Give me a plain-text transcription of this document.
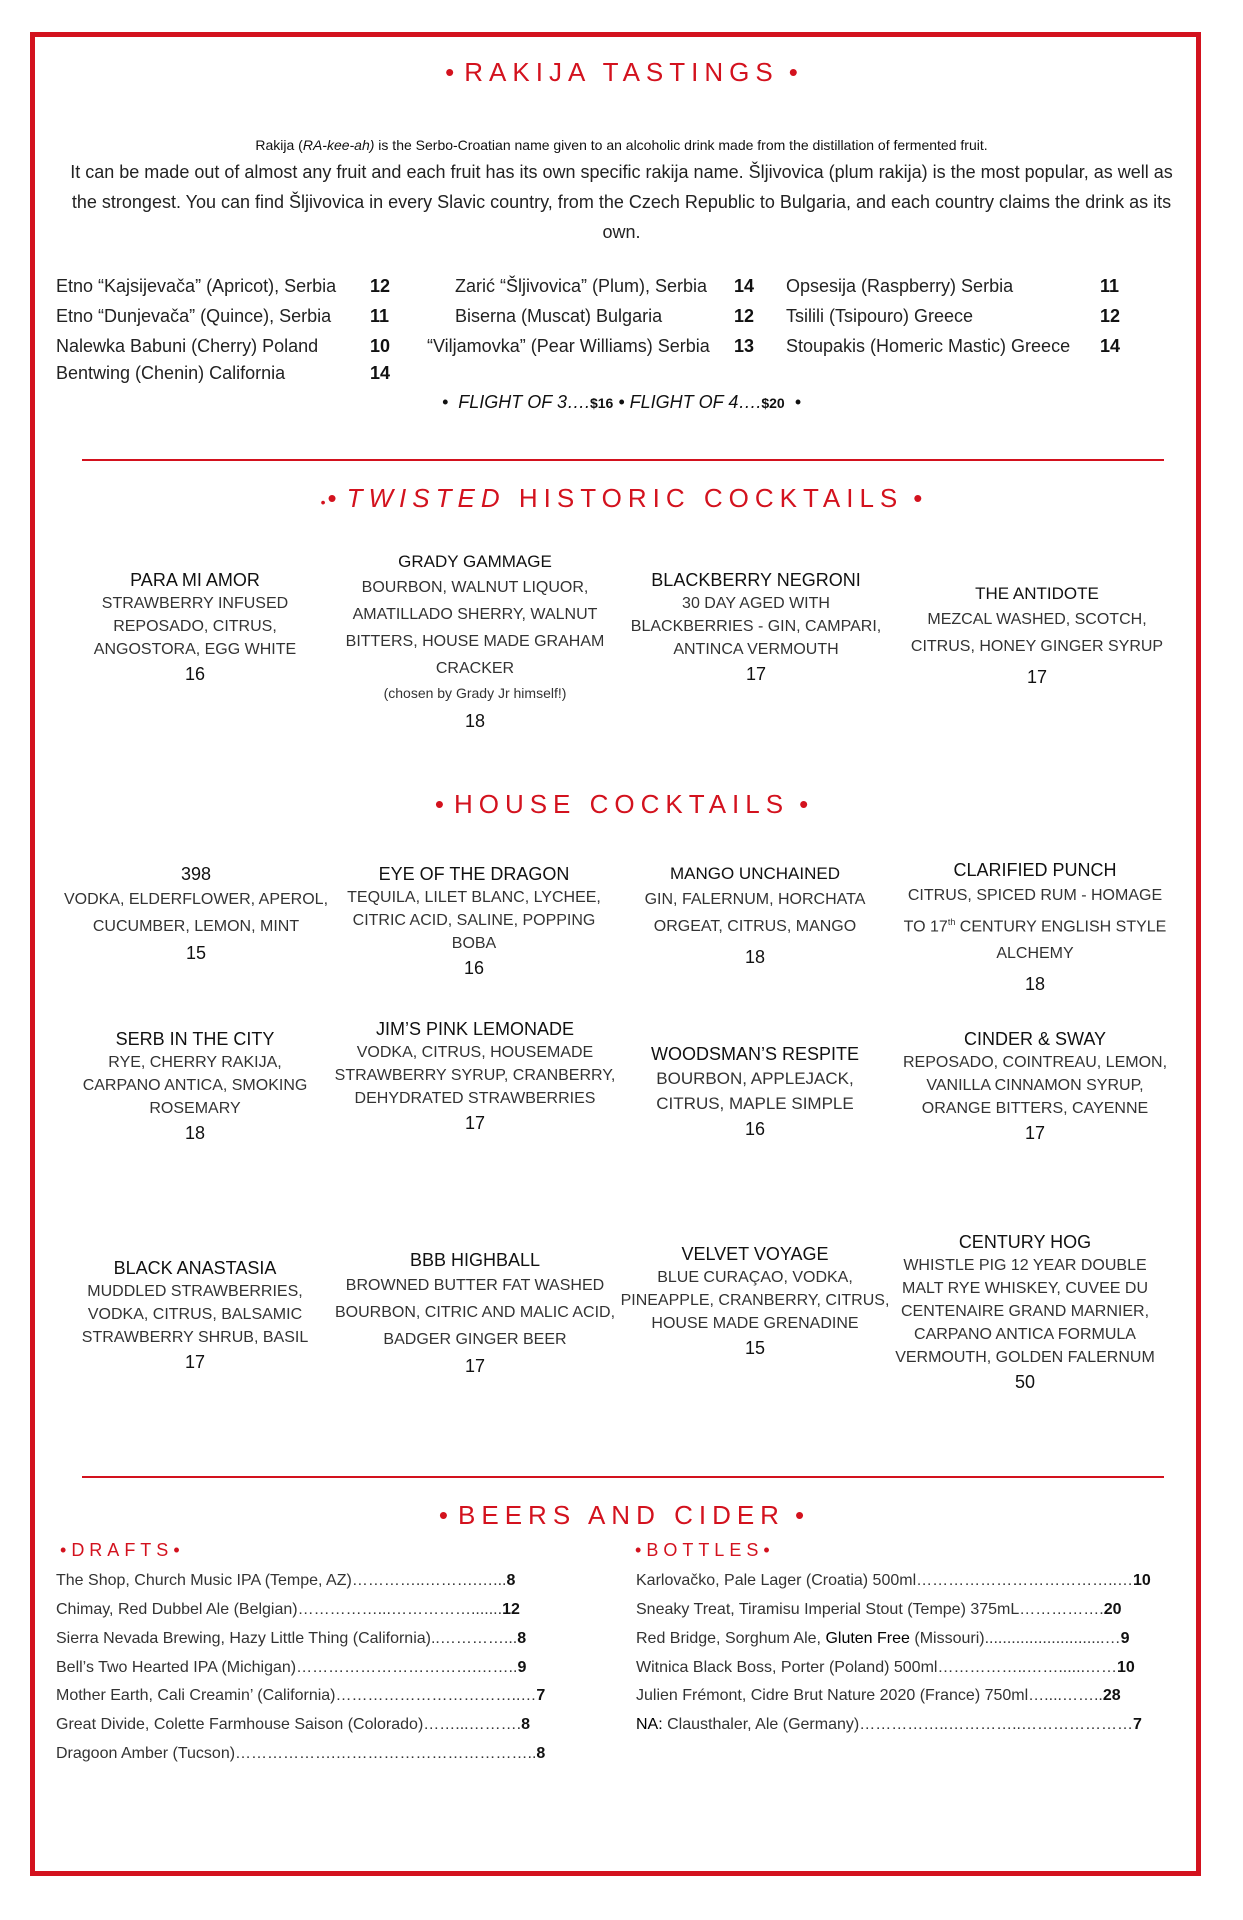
• RAKIJA TASTINGS •
Rakija (RA-kee-ah) is the Serbo-Croatian name given to an alcoholic drink made from the distillation of fermented fruit.
It can be made out of almost any fruit and each fruit has its own specific rakija name. Šljivovica (plum rakija) is the most popular, as well as the strongest. You can find Šljivovica in every Slavic country, from the Czech Republic to Bulgaria, and each country claims the drink as its own.
Etno “Kajsijevača” (Apricot), Serbia 12
Etno “Dunjevača” (Quince), Serbia 11
Nalewka Babuni (Cherry) Poland	10
Bentwing (Chenin) California	14
Zarić “Šljivovica” (Plum), Serbia 14
Biserna (Muscat) Bulgaria	12
“Viljamovka” (Pear Williams) Serbia 13
Opsesija (Raspberry) Serbia	11
Tsilili (Tsipouro) Greece	12
Stoupakis (Homeric Mastic) Greece 14
•  FLIGHT OF 3….$16 • FLIGHT OF 4….$20  •
•• TWISTED HISTORIC COCKTAILS •
PARA MI AMOR
STRAWBERRY INFUSED REPOSADO, CITRUS, ANGOSTORA, EGG WHITE
16
GRADY GAMMAGE
BOURBON, WALNUT LIQUOR, AMATILLADO SHERRY, WALNUT BITTERS, HOUSE MADE GRAHAM CRACKER
(chosen by Grady Jr himself!)
18
BLACKBERRY NEGRONI
30 DAY AGED WITH BLACKBERRIES - GIN, CAMPARI, ANTINCA VERMOUTH
17
THE ANTIDOTE
MEZCAL WASHED, SCOTCH, CITRUS, HONEY GINGER SYRUP
17
• HOUSE COCKTAILS •
398
VODKA, ELDERFLOWER, APEROL, CUCUMBER, LEMON, MINT
15
EYE OF THE DRAGON
TEQUILA, LILET BLANC, LYCHEE, CITRIC ACID, SALINE, POPPING BOBA
16
MANGO UNCHAINED
GIN, FALERNUM, HORCHATA ORGEAT, CITRUS, MANGO
18
CLARIFIED PUNCH
CITRUS, SPICED RUM - HOMAGE TO 17th CENTURY ENGLISH STYLE ALCHEMY
18
SERB IN THE CITY
RYE, CHERRY RAKIJA, CARPANO ANTICA, SMOKING ROSEMARY
18
JIM’S PINK LEMONADE
VODKA, CITRUS, HOUSEMADE STRAWBERRY SYRUP, CRANBERRY, DEHYDRATED STRAWBERRIES
17
WOODSMAN’S RESPITE
BOURBON, APPLEJACK, CITRUS, MAPLE SIMPLE
16
CINDER & SWAY
REPOSADO, COINTREAU, LEMON, VANILLA CINNAMON SYRUP, ORANGE BITTERS, CAYENNE
17
BLACK ANASTASIA
MUDDLED STRAWBERRIES, VODKA, CITRUS, BALSAMIC STRAWBERRY SHRUB, BASIL
17
BBB HIGHBALL
BROWNED BUTTER FAT WASHED BOURBON, CITRIC AND MALIC ACID, BADGER GINGER BEER
17
VELVET VOYAGE
BLUE CURAÇAO, VODKA, PINEAPPLE, CRANBERRY, CITRUS, HOUSE MADE GRENADINE
15
CENTURY HOG
WHISTLE PIG 12 YEAR DOUBLE MALT RYE WHISKEY, CUVEE DU CENTENAIRE GRAND MARNIER, CARPANO ANTICA FORMULA VERMOUTH, GOLDEN FALERNUM
50
• BEERS AND CIDER •
•DRAFTS•	•BOTTLES•
The Shop, Church Music IPA (Tempe, AZ)…………..……….…...8
Chimay, Red Dubbel Ale (Belgian)……………...…………….......12
Sierra Nevada Brewing, Hazy Little Thing (California)..…………...8
Bell’s Two Hearted IPA (Michigan)…………………………….……..9
Mother Earth, Cali Creamin’ (California)……………………………..…7
Great Divide, Colette Farmhouse Saison (Colorado)……...……….8
Dragoon Amber (Tucson)……………….………………………………..8
Karlovačko, Pale Lager (Croatia) 500ml………………………………..…10
Sneaky Treat, Tiramisu Imperial Stout (Tempe) 375mL…………….20
Red Bridge, Sorghum Ale, Gluten Free (Missouri)...........................…9
Witnica Black Boss, Porter (Poland) 500ml……………..……......……10
Julien Frémont, Cidre Brut Nature 2020 (France) 750ml…....……..28
NA: Clausthaler, Ale (Germany)……………..…………..…………………7
